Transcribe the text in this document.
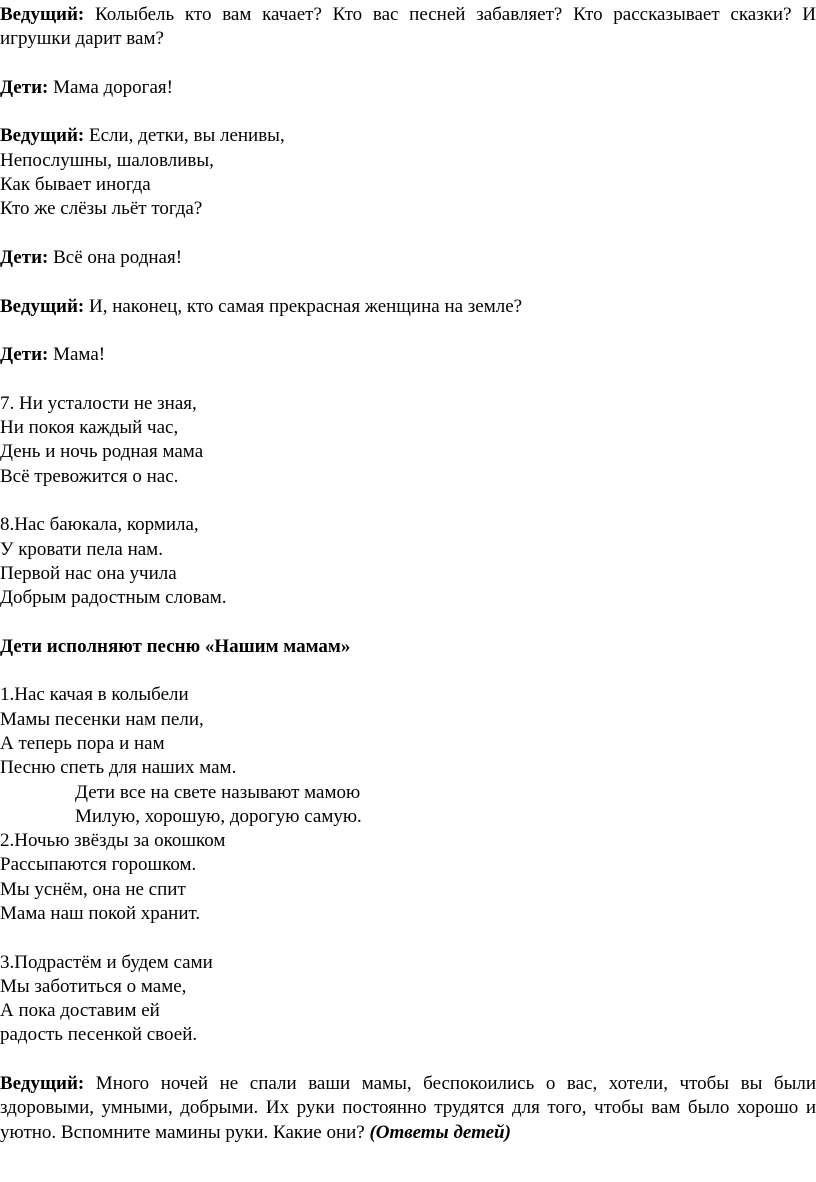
Ведущий: Колыбель кто вам качает? Кто вас песней забавляет? Кто рассказывает сказки? И игрушки дарит вам?

Дети: Мама дорогая!

Ведущий: Если, детки, вы ленивы,
Непослушны, шаловливы,
Как бывает иногда
Кто же слёзы льёт тогда?

Дети: Всё она родная!

Ведущий: И, наконец, кто самая прекрасная женщина на земле?

Дети: Мама!

7. Ни усталости не зная,
Ни покоя каждый час,
День и ночь родная мама
Всё тревожится о нас.
8.Нас баюкала, кормила,
У кровати пела нам.
Первой нас она учила
Добрым радостным словам.

Дети исполняют песню «Нашим мамам»

1.Нас качая в колыбели
Мамы песенки нам пели,
А теперь пора и нам
Песню спеть для наших мам.
Дети все на свете называют мамою
Милую, хорошую, дорогую самую.
2.Ночью звёзды за окошком
Рассыпаются горошком.
Мы уснём, она не спит
Мама наш покой хранит.
3.Подрастём и будем сами
Мы заботиться о маме,
А пока доставим ей
радость песенкой своей.

Ведущий: Много ночей не спали ваши мамы, беспокоились о вас, хотели, чтобы вы были здоровыми, умными, добрыми. Их руки постоянно трудятся для того, чтобы вам было хорошо и уютно. Вспомните мамины руки. Какие они? (Ответы детей)
